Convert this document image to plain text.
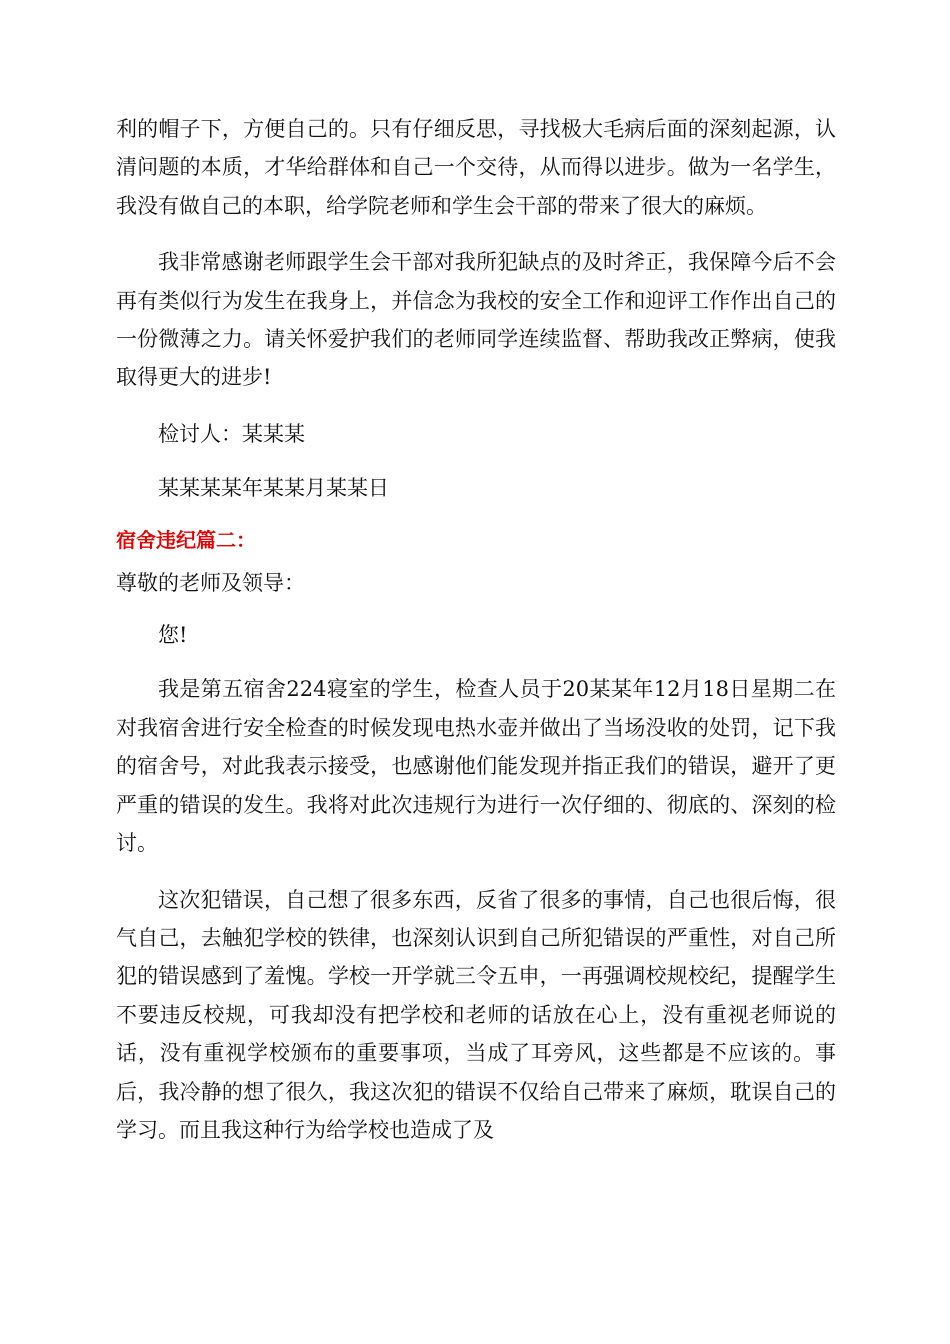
利的帽子下，方便自己的。只有仔细反思，寻找极大毛病后面的深刻起源，认清问题的本质，才华给群体和自己一个交待，从而得以进步。做为一名学生，我没有做自己的本职，给学院老师和学生会干部的带来了很大的麻烦。

我非常感谢老师跟学生会干部对我所犯缺点的及时斧正，我保障今后不会再有类似行为发生在我身上，并信念为我校的安全工作和迎评工作作出自己的一份微薄之力。请关怀爱护我们的老师同学连续监督、帮助我改正弊病，使我取得更大的进步!

检讨人：某某某

某某某某年某某月某某日

宿舍违纪篇二：

尊敬的老师及领导：

您!

我是第五宿舍224寝室的学生，检查人员于20某某年12月18日星期二在对我宿舍进行安全检查的时候发现电热水壶并做出了当场没收的处罚，记下我的宿舍号，对此我表示接受，也感谢他们能发现并指正我们的错误，避开了更严重的错误的发生。我将对此次违规行为进行一次仔细的、彻底的、深刻的检讨。

这次犯错误，自己想了很多东西，反省了很多的事情，自己也很后悔，很气自己，去触犯学校的铁律，也深刻认识到自己所犯错误的严重性，对自己所犯的错误感到了羞愧。学校一开学就三令五申，一再强调校规校纪，提醒学生不要违反校规，可我却没有把学校和老师的话放在心上，没有重视老师说的话，没有重视学校颁布的重要事项，当成了耳旁风，这些都是不应该的。事后，我冷静的想了很久，我这次犯的错误不仅给自己带来了麻烦，耽误自己的学习。而且我这种行为给学校也造成了及
